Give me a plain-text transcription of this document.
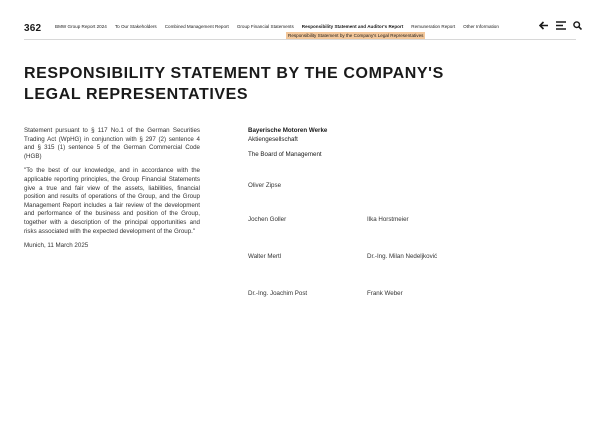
362	BMW Group Report 2024 To Our Stakeholders Combined Management Report Group Financial Statements Responsibility Statement and Auditor's Report Remuneration Report Other Information
Responsibility Statement by the Company's Legal Representatives
RESPONSIBILITY STATEMENT BY THE COMPANY'S
LEGAL REPRESENTATIVES

Statement pursuant to § 117 No.1 of the German Securities Trading Act (WpHG) in conjunction with § 297 (2) sentence 4 and § 315 (1) sentence 5 of the German Commercial Code (HGB)

"To the best of our knowledge, and in accordance with the applicable reporting principles, the Group Financial Statements give a true and fair view of the assets, liabilities, financial position and results of operations of the Group, and the Group Management Report includes a fair review of the development and performance of the business and position of the Group, together with a description of the principal opportunities and risks associated with the expected development of the Group."

Munich, 11 March 2025

Bayerische Motoren Werke
Aktiengesellschaft
The Board of Management
Oliver Zipse
Jochen Goller	Ilka Horstmeier
Walter Mertl	Dr.-Ing. Milan Nedeljković
Dr.-Ing. Joachim Post	Frank Weber
